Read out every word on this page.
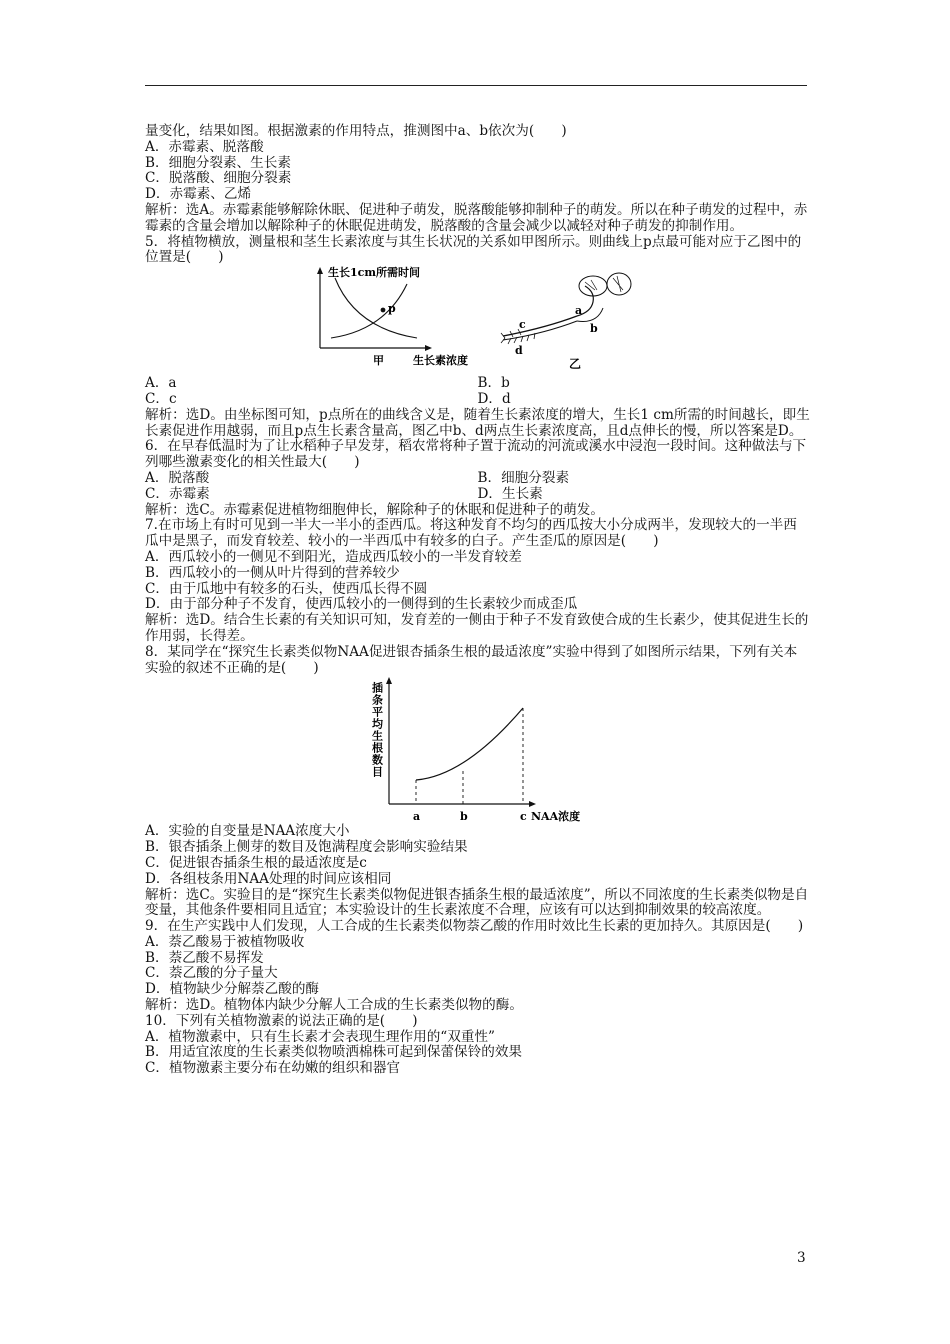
量变化，结果如图。根据激素的作用特点，推测图中a、b依次为(　　)
A．赤霉素、脱落酸
B．细胞分裂素、生长素
C．脱落酸、细胞分裂素
D．赤霉素、乙烯
解析：选A。赤霉素能够解除休眠、促进种子萌发，脱落酸能够抑制种子的萌发。所以在种子萌发的过程中，赤霉素的含量会增加以解除种子的休眠促进萌发，脱落酸的含量会减少以减轻对种子萌发的抑制作用。
5．将植物横放，测量根和茎生长素浓度与其生长状况的关系如甲图所示。则曲线上p点最可能对应于乙图中的位置是(　　)
p
生长1cm所需时间
甲	生长素浓度
c
d
a
b
乙
A．a	B．b
C．c	D．d
解析：选D。由坐标图可知，p点所在的曲线含义是，随着生长素浓度的增大，生长1 cm所需的时间越长，即生长素促进作用越弱，而且p点生长素含量高，图乙中b、d两点生长素浓度高，且d点伸长的慢，所以答案是D。
6．在早春低温时为了让水稻种子早发芽，稻农常将种子置于流动的河流或溪水中浸泡一段时间。这种做法与下列哪些激素变化的相关性最大(　　)
A．脱落酸	B．细胞分裂素
C．赤霉素	D．生长素
解析：选C。赤霉素促进植物细胞伸长，解除种子的休眠和促进种子的萌发。
7.在市场上有时可见到一半大一半小的歪西瓜。将这种发育不均匀的西瓜按大小分成两半，发现较大的一半西瓜中是黑子，而发育较差、较小的一半西瓜中有较多的白子。产生歪瓜的原因是(　　)
A．西瓜较小的一侧见不到阳光，造成西瓜较小的一半发育较差
B．西瓜较小的一侧从叶片得到的营养较少
C．由于瓜地中有较多的石头，使西瓜长得不圆
D．由于部分种子不发育，使西瓜较小的一侧得到的生长素较少而成歪瓜
解析：选D。结合生长素的有关知识可知，发育差的一侧由于种子不发育致使合成的生长素少，使其促进生长的作用弱，长得差。
8．某同学在“探究生长素类似物NAA促进银杏插条生根的最适浓度”实验中得到了如图所示结果，下列有关本实验的叙述不正确的是(　　)
插条平均生根数目
a	b	c NAA浓度
A．实验的自变量是NAA浓度大小
B．银杏插条上侧芽的数目及饱满程度会影响实验结果
C．促进银杏插条生根的最适浓度是c
D．各组枝条用NAA处理的时间应该相同
解析：选C。实验目的是“探究生长素类似物促进银杏插条生根的最适浓度”，所以不同浓度的生长素类似物是自变量，其他条件要相同且适宜；本实验设计的生长素浓度不合理，应该有可以达到抑制效果的较高浓度。
9．在生产实践中人们发现，人工合成的生长素类似物萘乙酸的作用时效比生长素的更加持久。其原因是(　　)
A．萘乙酸易于被植物吸收
B．萘乙酸不易挥发
C．萘乙酸的分子量大
D．植物缺少分解萘乙酸的酶
解析：选D。植物体内缺少分解人工合成的生长素类似物的酶。
10．下列有关植物激素的说法正确的是(　　)
A．植物激素中，只有生长素才会表现生理作用的“双重性”
B．用适宜浓度的生长素类似物喷洒棉株可起到保蕾保铃的效果
C．植物激素主要分布在幼嫩的组织和器官
3
